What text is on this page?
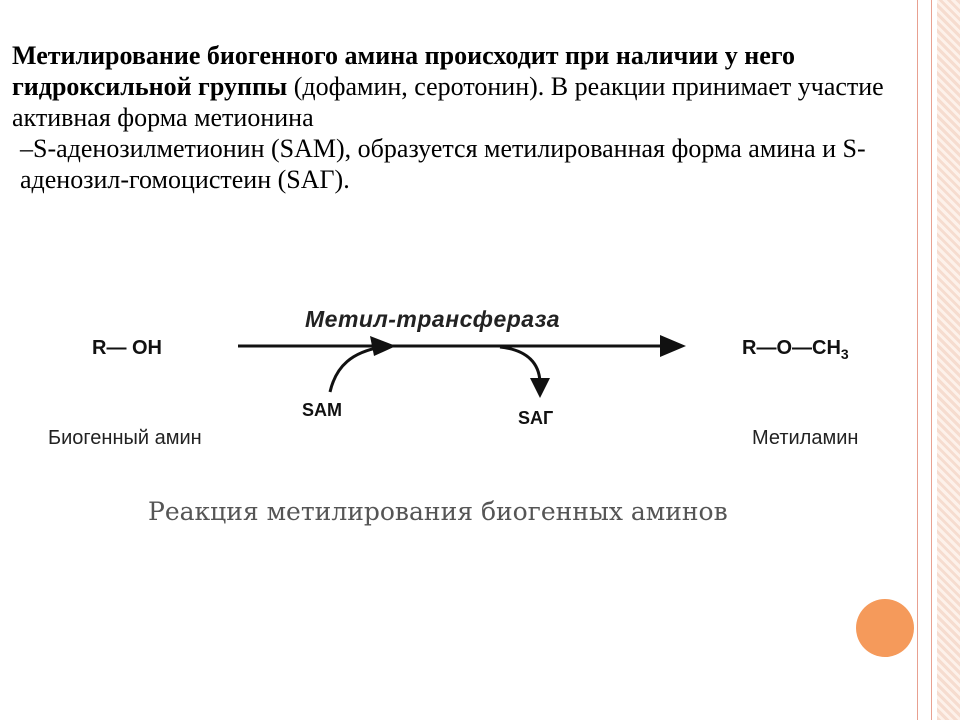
Метилирование биогенного амина происходит при наличии у него гидроксильной группы (дофамин, серотонин). В реакции принимает участие активная форма метионина
–S-аденозилметионин (SAM), образуется метилированная форма амина и S-аденозил-гомоцистеин (SAГ).
Метил-трансфераза
R— OH	$R—O—CH_3$
SAM	SAГ
Биогенный амин	Метиламин
Реакция метилирования биогенных аминов
